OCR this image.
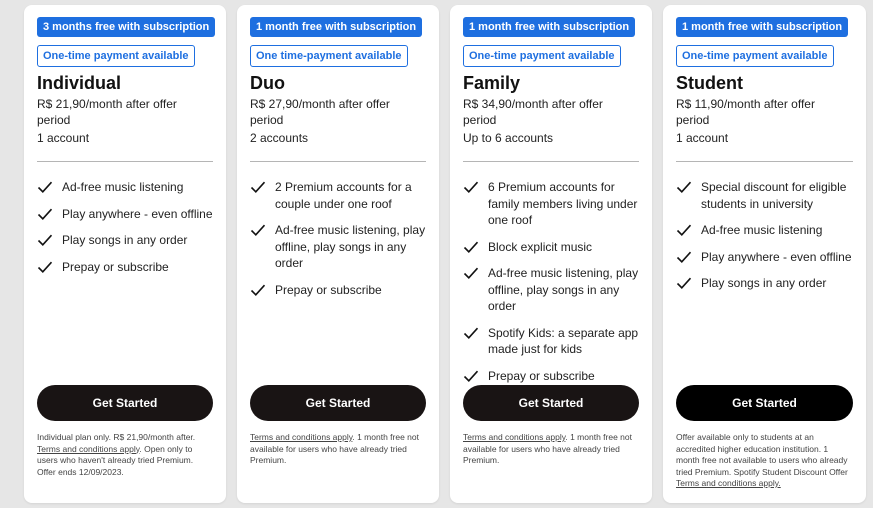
3 months free with subscription
One-time payment available
Individual
R$ 21,90/month after offer period
1 account
Ad-free music listening
Play anywhere - even offline
Play songs in any order
Prepay or subscribe
Get Started
Individual plan only. R$ 21,90/month after. Terms and conditions apply. Open only to users who haven't already tried Premium. Offer ends 12/09/2023.
1 month free with subscription
One time-payment available
Duo
R$ 27,90/month after offer period
2 accounts
2 Premium accounts for a couple under one roof
Ad-free music listening, play offline, play songs in any order
Prepay or subscribe
Get Started
Terms and conditions apply. 1 month free not available for users who have already tried Premium.
1 month free with subscription
One-time payment available
Family
R$ 34,90/month after offer period
Up to 6 accounts
6 Premium accounts for family members living under one roof
Block explicit music
Ad-free music listening, play offline, play songs in any order
Spotify Kids: a separate app made just for kids
Prepay or subscribe
Get Started
Terms and conditions apply. 1 month free not available for users who have already tried Premium.
1 month free with subscription
One-time payment available
Student
R$ 11,90/month after offer period
1 account
Special discount for eligible students in university
Ad-free music listening
Play anywhere - even offline
Play songs in any order
Get Started
Offer available only to students at an accredited higher education institution. 1 month free not available to users who already tried Premium. Spotify Student Discount Offer Terms and conditions apply.
